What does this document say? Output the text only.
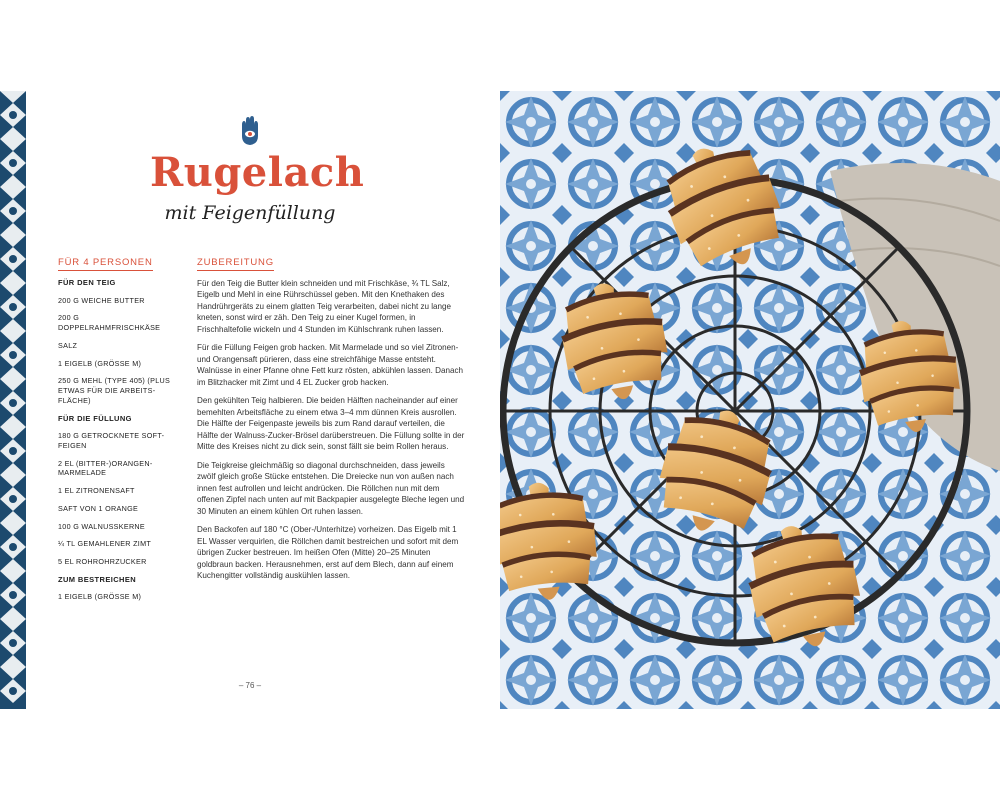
Rugelach
mit Feigenfüllung
FÜR 4 PERSONEN	ZUBEREITUNG
FÜR DEN TEIG
200 G WEICHE BUTTER
200 G DOPPELRAHMFRISCHKÄSE
SALZ
1 EIGELB (GRÖSSE M)
250 G MEHL (TYPE 405) (PLUS ETWAS FÜR DIE ARBEITS-FLÄCHE)
FÜR DIE FÜLLUNG
180 G GETROCKNETE SOFT-FEIGEN
2 EL (BITTER-)ORANGEN-MARMELADE
1 EL ZITRONENSAFT
SAFT VON 1 ORANGE
100 G WALNUSSKERNE
¼ TL GEMAHLENER ZIMT
5 EL ROHROHRZUCKER
ZUM BESTREICHEN
1 EIGELB (GRÖSSE M)

Für den Teig die Butter klein schneiden und mit Frischkäse, ¾ TL Salz, Eigelb und Mehl in eine Rührschüssel geben. Mit den Knethaken des Handrührgeräts zu einem glatten Teig verarbeiten, dabei nicht zu lange kneten, sonst wird er zäh. Den Teig zu einer Kugel formen, in Frischhaltefolie wickeln und 4 Stunden im Kühlschrank ruhen lassen.

Für die Füllung Feigen grob hacken. Mit Marmelade und so viel Zitronen- und Orangensaft pürieren, dass eine streichfähige Masse entsteht. Walnüsse in einer Pfanne ohne Fett kurz rösten, abkühlen lassen. Danach im Blitzhacker mit Zimt und 4 EL Zucker grob hacken.

Den gekühlten Teig halbieren. Die beiden Hälften nacheinander auf einer bemehlten Arbeitsfläche zu einem etwa 3–4 mm dünnen Kreis ausrollen. Die Hälfte der Feigenpaste jeweils bis zum Rand darauf verteilen, die Hälfte der Walnuss-Zucker-Brösel darüberstreuen. Die Füllung sollte in der Mitte des Kreises nicht zu dick sein, sonst fällt sie beim Rollen heraus.

Die Teigkreise gleichmäßig so diagonal durchschneiden, dass jeweils zwölf gleich große Stücke entstehen. Die Dreiecke nun von außen nach innen fest aufrollen und leicht andrücken. Die Röllchen nun mit dem offenen Zipfel nach unten auf mit Backpapier ausgelegte Bleche legen und 30 Minuten an einem kühlen Ort ruhen lassen.

Den Backofen auf 180 °C (Ober-/Unterhitze) vorheizen. Das Eigelb mit 1 EL Wasser verquirlen, die Röllchen damit bestreichen und sofort mit dem übrigen Zucker bestreuen. Im heißen Ofen (Mitte) 20–25 Minuten goldbraun backen. Herausnehmen, erst auf dem Blech, dann auf einem Kuchengitter vollständig auskühlen lassen.

– 76 –
